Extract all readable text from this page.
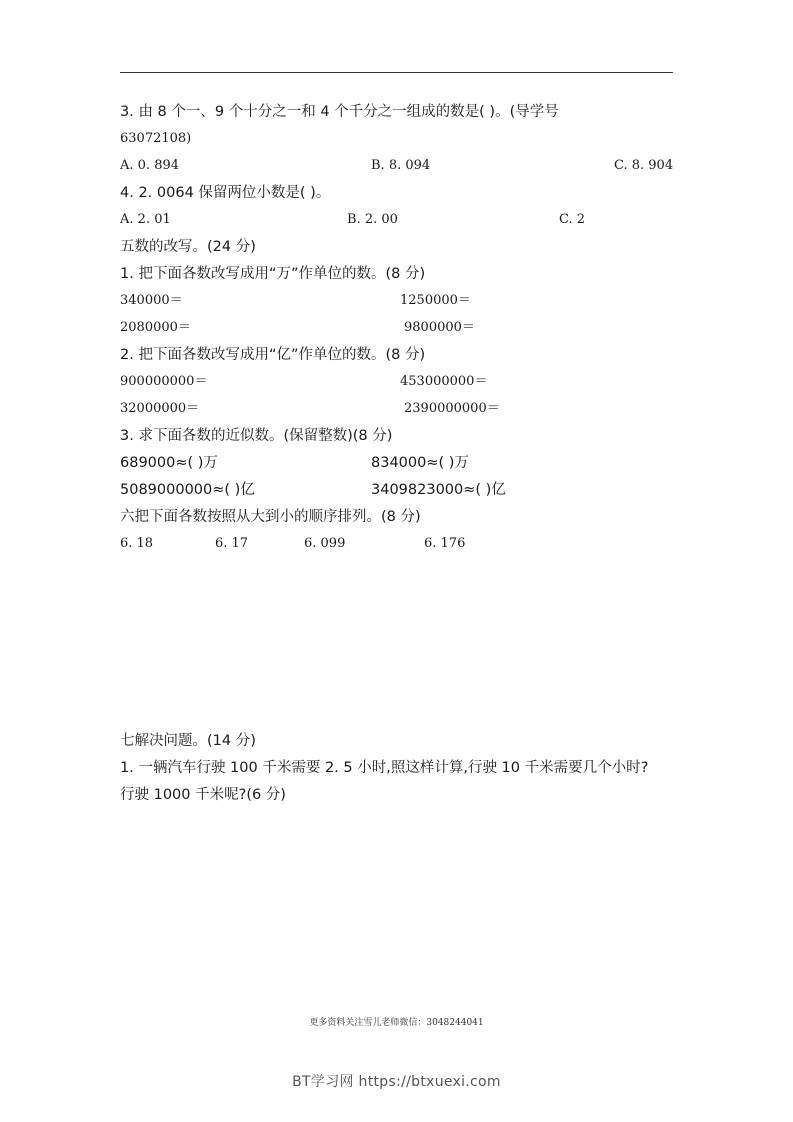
3. 由 8 个一、9 个十分之一和 4 个千分之一组成的数是( )。(导学号
63072108)
A. 0. 894	B. 8. 094	C. 8. 904
4. 2. 0064 保留两位小数是( )。
A. 2. 01	B. 2. 00	C. 2
五数的改写。(24 分)
1. 把下面各数改写成用“万”作单位的数。(8 分)
340000＝	1250000＝
2080000＝	9800000＝
2. 把下面各数改写成用“亿”作单位的数。(8 分)
900000000＝	453000000＝
32000000＝	2390000000＝
3. 求下面各数的近似数。(保留整数)(8 分)
689000≈( )万	834000≈( )万
5089000000≈( )亿	3409823000≈( )亿
六把下面各数按照从大到小的顺序排列。(8 分)
6. 18	6. 17	6. 099	6. 176
七解决问题。(14 分)
1. 一辆汽车行驶 100 千米需要 2. 5 小时,照这样计算,行驶 10 千米需要几个小时?
行驶 1000 千米呢?(6 分)
更多资料关注雪儿老师微信：3048244041
BT学习网 https://btxuexi.com
